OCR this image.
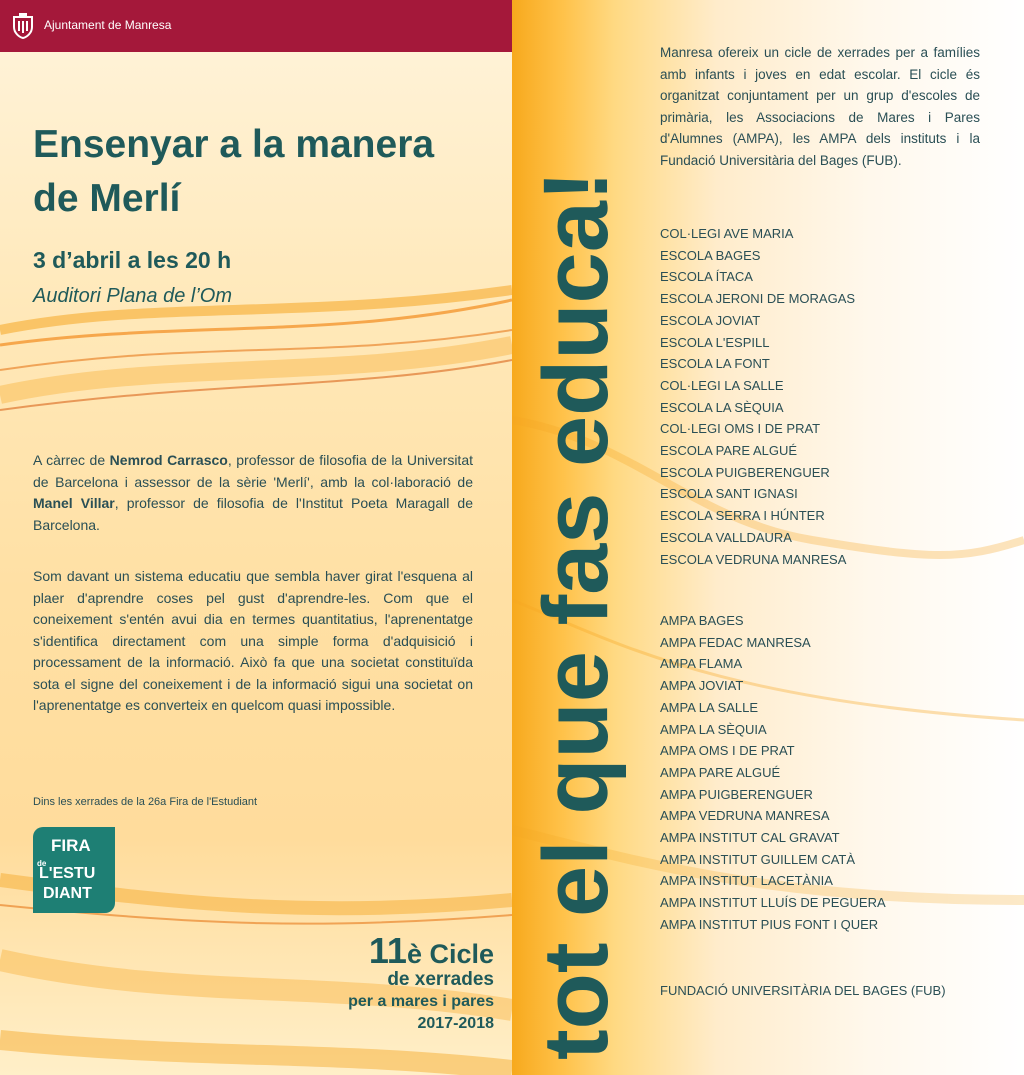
Ajuntament de Manresa
Ensenyar a la manera
de Merlí
3 d’abril a les 20 h
Auditori Plana de l’Om
A càrrec de Nemrod Carrasco, professor de filosofia de la Universitat de Barcelona i assessor de la sèrie 'Merlí', amb la col·laboració de Manel Villar, professor de filosofia de l'Institut Poeta Maragall de Barcelona.
Som davant un sistema educatiu que sembla haver girat l'esquena al plaer d'aprendre coses pel gust d'aprendre-les. Com que el coneixement s'entén avui dia en termes quantitatius, l'aprenentatge s'identifica directament com una simple forma d'adquisició i processament de la informació. Això fa que una societat constituïda sota el signe del coneixement i de la informació sigui una societat on l'aprenentatge es converteix en quelcom quasi impossible.
Dins les xerrades de la 26a Fira de l'Estudiant
FIRA
de
L'ESTU
DIANT
11è Cicle
de xerrades
per a mares i pares
2017-2018 tot el que fas educa!
Manresa ofereix un cicle de xerrades per a famílies amb infants i joves en edat escolar. El cicle és organitzat conjuntament per un grup d'escoles de primària, les Associacions de Mares i Pares d'Alumnes (AMPA), les AMPA dels instituts i la Fundació Universitària del Bages (FUB).
COL·LEGI AVE MARIA
ESCOLA BAGES
ESCOLA ÍTACA
ESCOLA JERONI DE MORAGAS
ESCOLA JOVIAT
ESCOLA L'ESPILL
ESCOLA LA FONT
COL·LEGI LA SALLE
ESCOLA LA SÈQUIA
COL·LEGI OMS I DE PRAT
ESCOLA PARE ALGUÉ
ESCOLA PUIGBERENGUER
ESCOLA SANT IGNASI
ESCOLA SERRA I HÚNTER
ESCOLA VALLDAURA
ESCOLA VEDRUNA MANRESA
AMPA BAGES
AMPA FEDAC MANRESA
AMPA FLAMA
AMPA JOVIAT
AMPA LA SALLE
AMPA LA SÈQUIA
AMPA OMS I DE PRAT
AMPA PARE ALGUÉ
AMPA PUIGBERENGUER
AMPA VEDRUNA MANRESA
AMPA INSTITUT CAL GRAVAT
AMPA INSTITUT GUILLEM CATÀ
AMPA INSTITUT LACETÀNIA
AMPA INSTITUT LLUÍS DE PEGUERA
AMPA INSTITUT PIUS FONT I QUER
FUNDACIÓ UNIVERSITÀRIA DEL BAGES (FUB)
